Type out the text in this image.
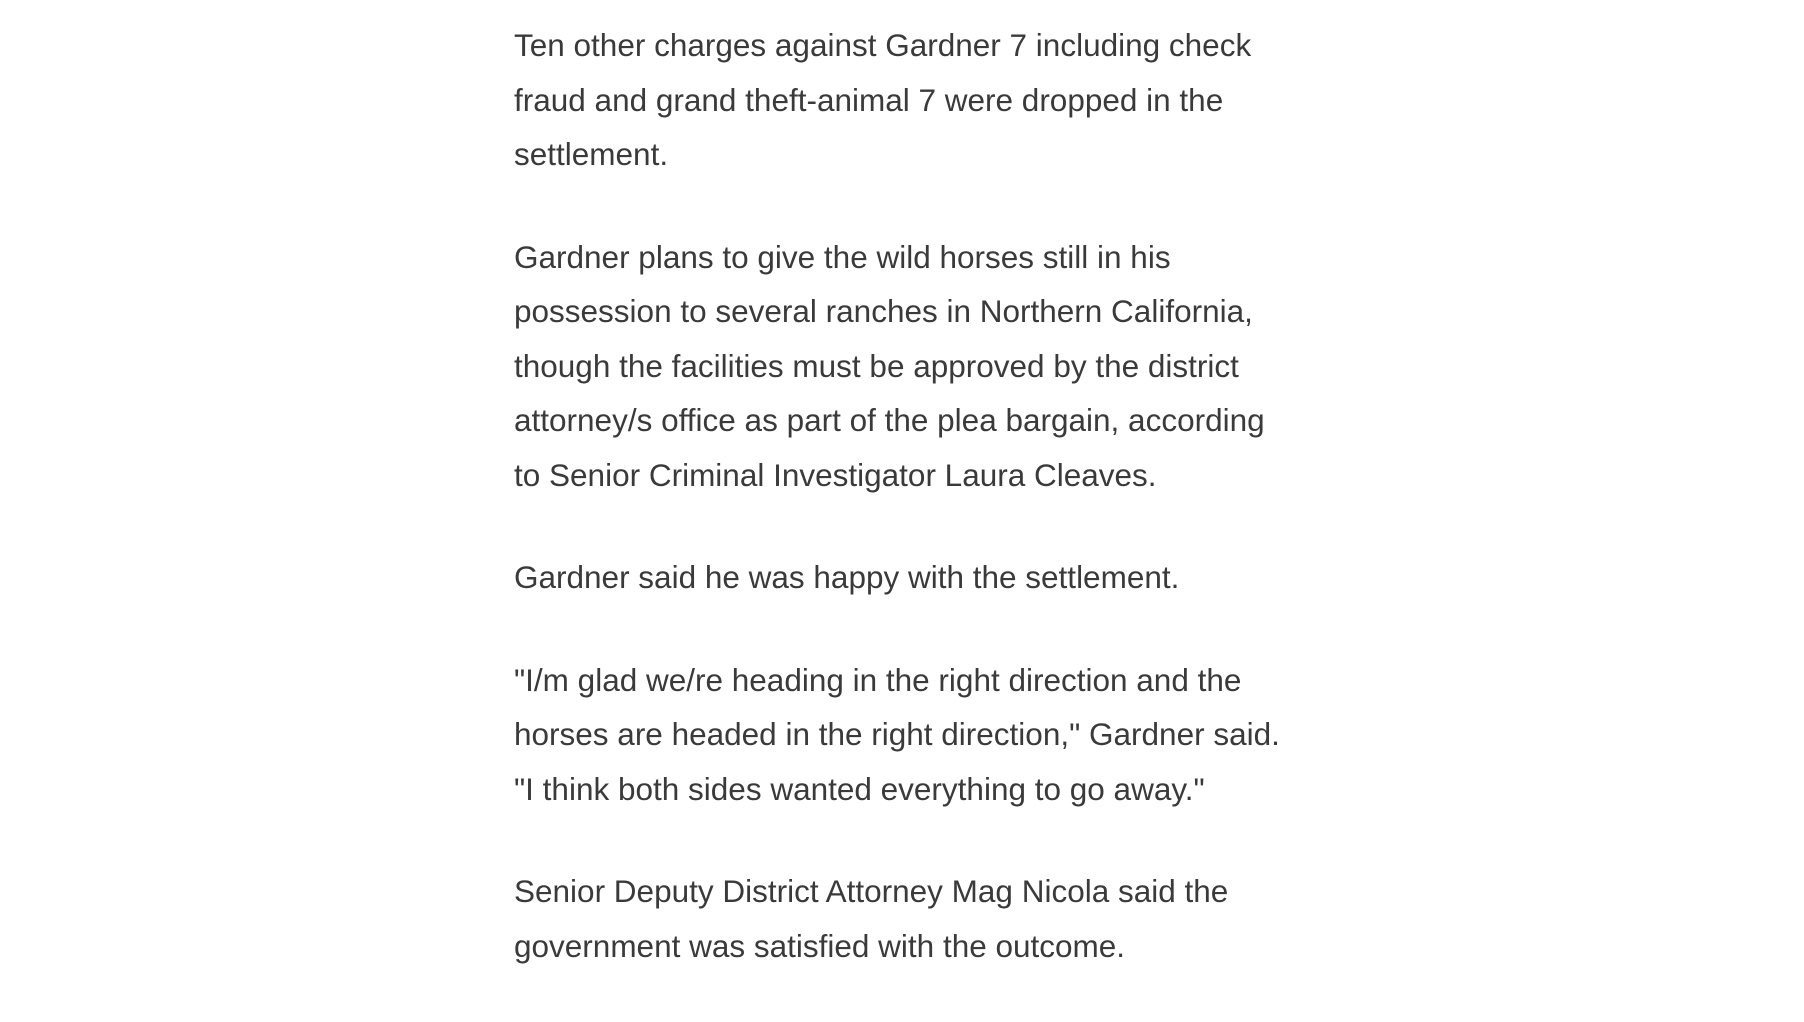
Ten other charges against Gardner 7 including check
fraud and grand theft-animal 7 were dropped in the
settlement.

Gardner plans to give the wild horses still in his
possession to several ranches in Northern California,
though the facilities must be approved by the district
attorney/s office as part of the plea bargain, according
to Senior Criminal Investigator Laura Cleaves.

Gardner said he was happy with the settlement.

"I/m glad we/re heading in the right direction and the
horses are headed in the right direction," Gardner said.
"I think both sides wanted everything to go away."

Senior Deputy District Attorney Mag Nicola said the
government was satisfied with the outcome.
